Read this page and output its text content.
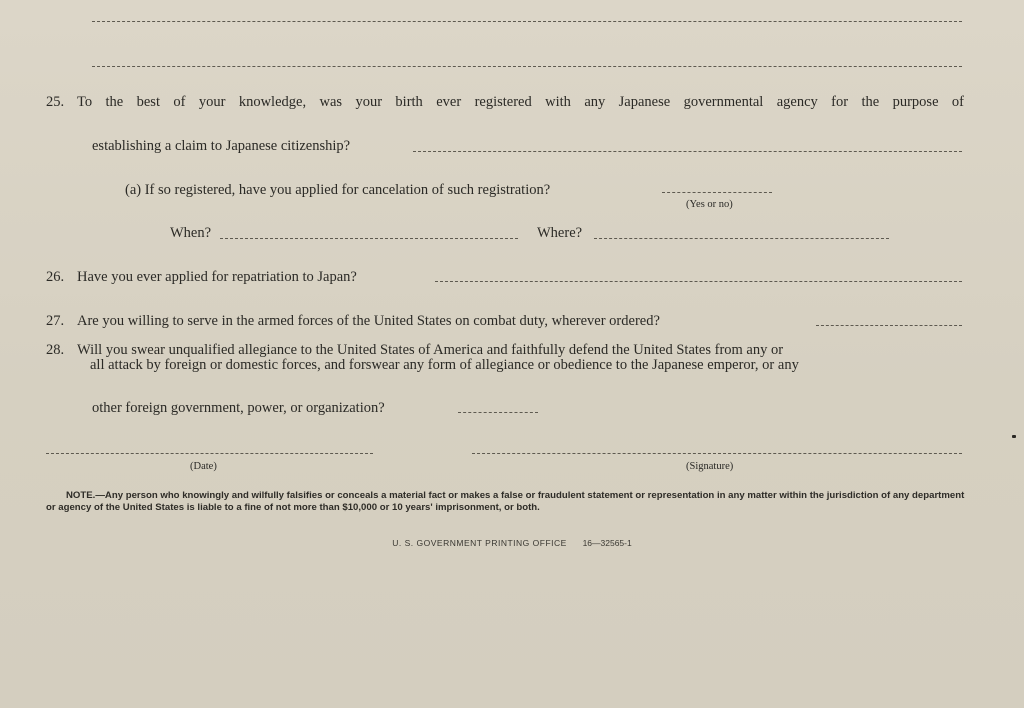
25. To the best of your knowledge, was your birth ever registered with any Japanese governmental agency for the purpose of
establishing a claim to Japanese citizenship?
(a) If so registered, have you applied for cancelation of such registration?
(Yes or no)
When?	Where?
26. Have you ever applied for repatriation to Japan?
27. Are you willing to serve in the armed forces of the United States on combat duty, wherever ordered?
28. Will you swear unqualified allegiance to the United States of America and faithfully defend the United States from any or
all attack by foreign or domestic forces, and forswear any form of allegiance or obedience to the Japanese emperor, or any
other foreign government, power, or organization?
(Date)	(Signature)
NOTE.—Any person who knowingly and wilfully falsifies or conceals a material fact or makes a false or fraudulent statement or representation in any matter within the jurisdiction of any department or agency of the United States is liable to a fine of not more than $10,000 or 10 years' imprisonment, or both.
U. S. GOVERNMENT PRINTING OFFICE 16—32565-1
